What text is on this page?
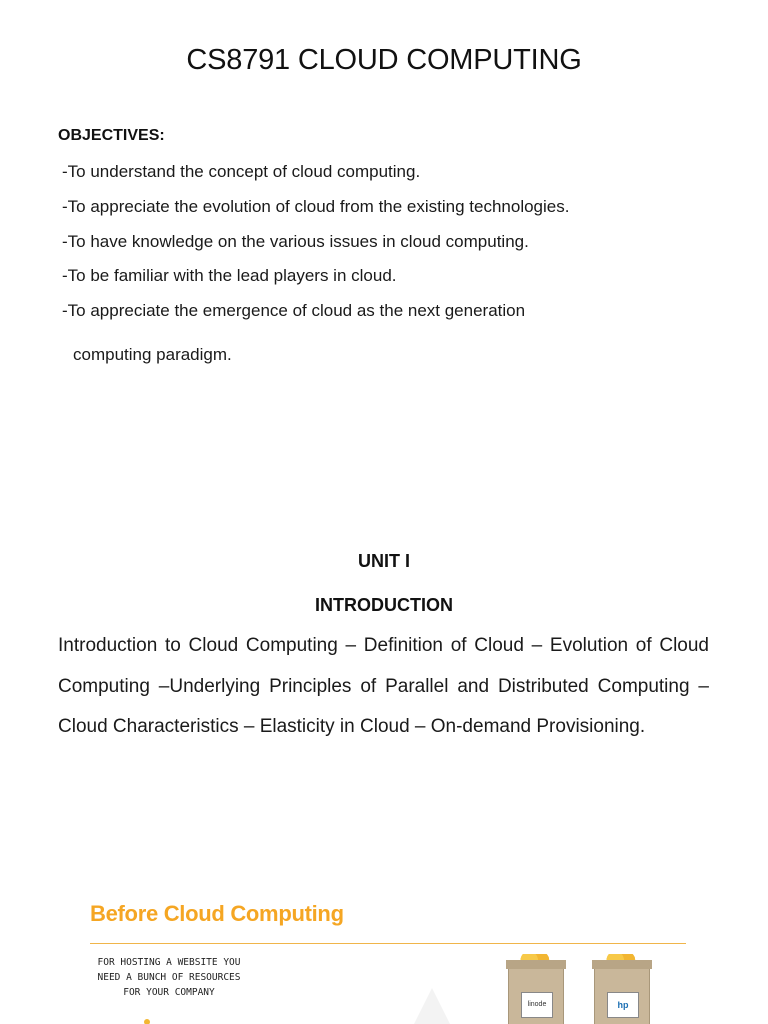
CS8791 CLOUD COMPUTING
OBJECTIVES:
-To understand the concept of cloud computing.
-To appreciate the evolution of cloud from the existing technologies.
-To have knowledge on the various issues in cloud computing.
-To be familiar with the lead players in cloud.
-To appreciate the emergence of cloud as the next generation
computing paradigm.
UNIT I
INTRODUCTION
Introduction to Cloud Computing – Definition of Cloud – Evolution of Cloud Computing –Underlying Principles of Parallel and Distributed Computing – Cloud Characteristics – Elasticity in Cloud – On-demand Provisioning.
Before Cloud Computing
FOR HOSTING A WEBSITE YOU NEED A BUNCH OF RESOURCES FOR YOUR COMPANY
linode	hp
